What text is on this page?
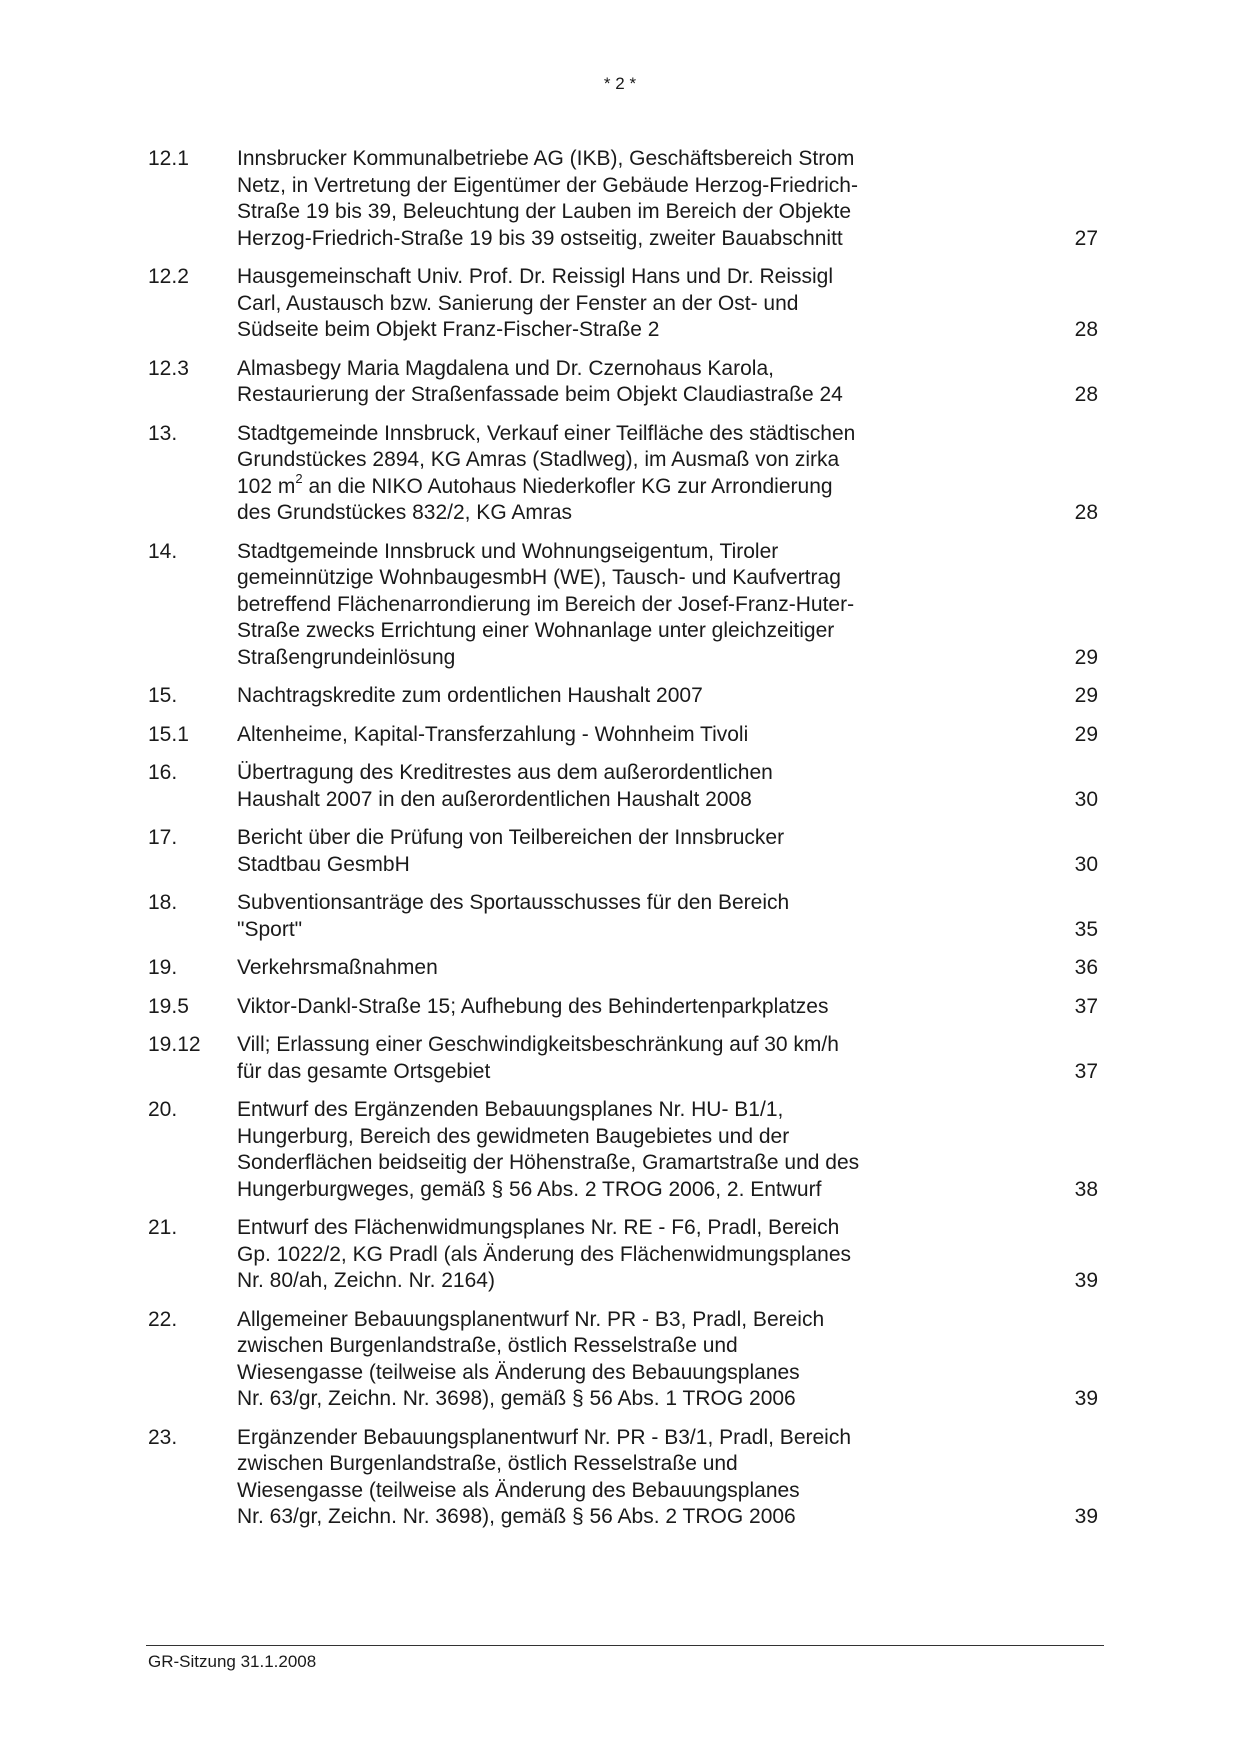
* 2 *
12.1	Innsbrucker Kommunalbetriebe AG (IKB), Geschäftsbereich Strom
Netz, in Vertretung der Eigentümer der Gebäude Herzog-Friedrich-
Straße 19 bis 39, Beleuchtung der Lauben im Bereich der Objekte
Herzog-Friedrich-Straße 19 bis 39 ostseitig, zweiter Bauabschnitt	27
12.2	Hausgemeinschaft Univ. Prof. Dr. Reissigl Hans und Dr. Reissigl
Carl, Austausch bzw. Sanierung der Fenster an der Ost- und
Südseite beim Objekt Franz-Fischer-Straße 2	28
12.3	Almasbegy Maria Magdalena und Dr. Czernohaus Karola,
Restaurierung der Straßenfassade beim Objekt Claudiastraße 24	28
13.	Stadtgemeinde Innsbruck, Verkauf einer Teilfläche des städtischen
Grundstückes 2894, KG Amras (Stadlweg), im Ausmaß von zirka
102 $m^2$ an die NIKO Autohaus Niederkofler KG zur Arrondierung
des Grundstückes 832/2, KG Amras	28
14.	Stadtgemeinde Innsbruck und Wohnungseigentum, Tiroler
gemeinnützige WohnbaugesmbH (WE), Tausch- und Kaufvertrag
betreffend Flächenarrondierung im Bereich der Josef-Franz-Huter-
Straße zwecks Errichtung einer Wohnanlage unter gleichzeitiger
Straßengrundeinlösung	29
15.	Nachtragskredite zum ordentlichen Haushalt 2007	29
15.1	Altenheime, Kapital-Transferzahlung - Wohnheim Tivoli	29
16.	Übertragung des Kreditrestes aus dem außerordentlichen
Haushalt 2007 in den außerordentlichen Haushalt 2008	30
17.	Bericht über die Prüfung von Teilbereichen der Innsbrucker
Stadtbau GesmbH	30
18.	Subventionsanträge des Sportausschusses für den Bereich
"Sport"	35
19.	Verkehrsmaßnahmen	36
19.5	Viktor-Dankl-Straße 15; Aufhebung des Behindertenparkplatzes	37
19.12	Vill; Erlassung einer Geschwindigkeitsbeschränkung auf 30 km/h
für das gesamte Ortsgebiet	37
20.	Entwurf des Ergänzenden Bebauungsplanes Nr. HU- B1/1,
Hungerburg, Bereich des gewidmeten Baugebietes und der
Sonderflächen beidseitig der Höhenstraße, Gramartstraße und des
Hungerburgweges, gemäß § 56 Abs. 2 TROG 2006, 2. Entwurf	38
21.	Entwurf des Flächenwidmungsplanes Nr. RE - F6, Pradl, Bereich
Gp. 1022/2, KG Pradl (als Änderung des Flächenwidmungsplanes
Nr. 80/ah, Zeichn. Nr. 2164)	39
22.	Allgemeiner Bebauungsplanentwurf Nr. PR - B3, Pradl, Bereich
zwischen Burgenlandstraße, östlich Resselstraße und
Wiesengasse (teilweise als Änderung des Bebauungsplanes
Nr. 63/gr, Zeichn. Nr. 3698), gemäß § 56 Abs. 1 TROG 2006	39
23.	Ergänzender Bebauungsplanentwurf Nr. PR - B3/1, Pradl, Bereich
zwischen Burgenlandstraße, östlich Resselstraße und
Wiesengasse (teilweise als Änderung des Bebauungsplanes
Nr. 63/gr, Zeichn. Nr. 3698), gemäß § 56 Abs. 2 TROG 2006	39
GR-Sitzung 31.1.2008
